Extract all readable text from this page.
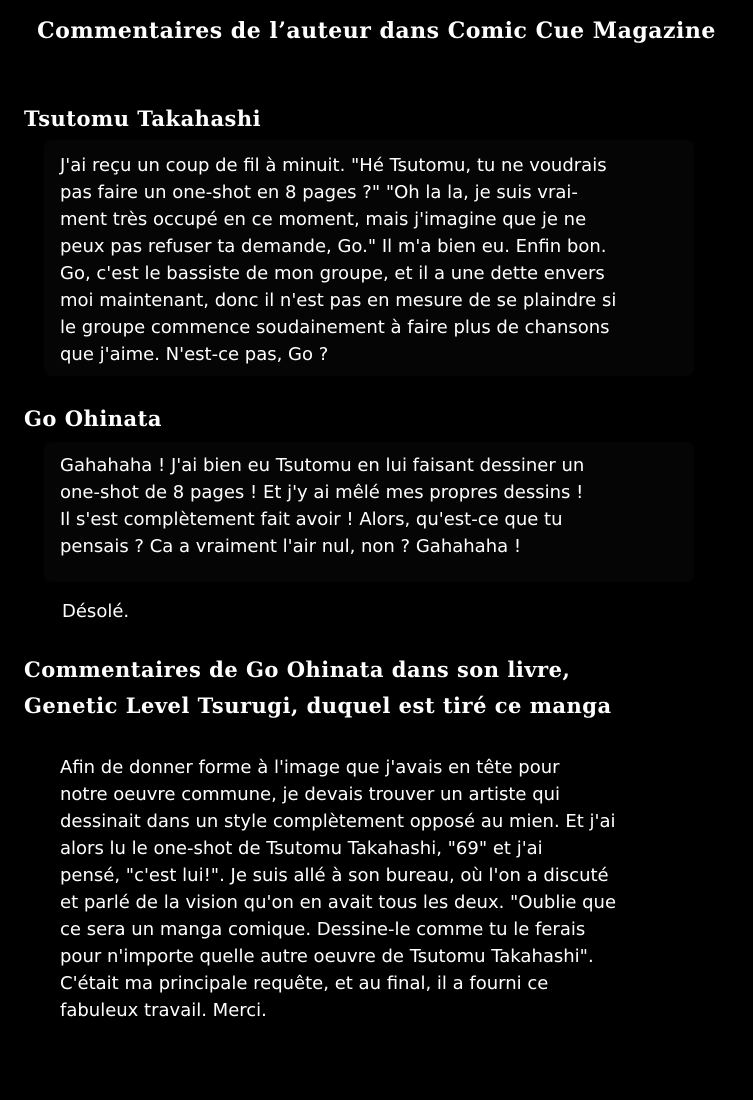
Commentaires de l’auteur dans Comic Cue Magazine
Tsutomu Takahashi
J'ai reçu un coup de fil à minuit. "Hé Tsutomu, tu ne voudrais
pas faire un one-shot en 8 pages ?" "Oh la la, je suis vrai-
ment très occupé en ce moment, mais j'imagine que je ne
peux pas refuser ta demande, Go." Il m'a bien eu. Enfin bon.
Go, c'est le bassiste de mon groupe, et il a une dette envers
moi maintenant, donc il n'est pas en mesure de se plaindre si
le groupe commence soudainement à faire plus de chansons
que j'aime. N'est-ce pas, Go ?
Go Ohinata
Gahahaha ! J'ai bien eu Tsutomu en lui faisant dessiner un
one-shot de 8 pages ! Et j'y ai mêlé mes propres dessins !
Il s'est complètement fait avoir ! Alors, qu'est-ce que tu
pensais ? Ca a vraiment l'air nul, non ? Gahahaha !
Désolé.
Commentaires de Go Ohinata dans son livre,
Genetic Level Tsurugi, duquel est tiré ce manga
Afin de donner forme à l'image que j'avais en tête pour
notre oeuvre commune, je devais trouver un artiste qui
dessinait dans un style complètement opposé au mien. Et j'ai
alors lu le one-shot de Tsutomu Takahashi, "69" et j'ai
pensé, "c'est lui!". Je suis allé à son bureau, où l'on a discuté
et parlé de la vision qu'on en avait tous les deux. "Oublie que
ce sera un manga comique. Dessine-le comme tu le ferais
pour n'importe quelle autre oeuvre de Tsutomu Takahashi".
C'était ma principale requête, et au final, il a fourni ce
fabuleux travail. Merci.
